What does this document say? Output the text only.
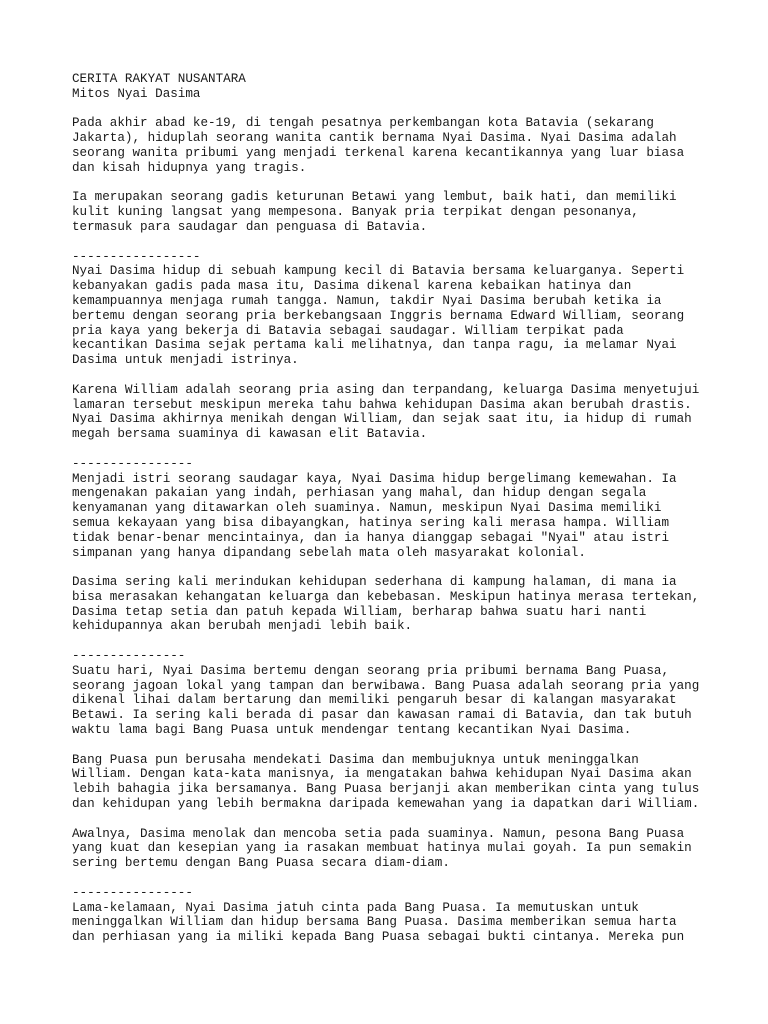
CERITA RAKYAT NUSANTARA
Mitos Nyai Dasima
Pada akhir abad ke-19, di tengah pesatnya perkembangan kota Batavia (sekarang
Jakarta), hiduplah seorang wanita cantik bernama Nyai Dasima. Nyai Dasima adalah
seorang wanita pribumi yang menjadi terkenal karena kecantikannya yang luar biasa
dan kisah hidupnya yang tragis.
Ia merupakan seorang gadis keturunan Betawi yang lembut, baik hati, dan memiliki
kulit kuning langsat yang mempesona. Banyak pria terpikat dengan pesonanya,
termasuk para saudagar dan penguasa di Batavia.
-----------------
Nyai Dasima hidup di sebuah kampung kecil di Batavia bersama keluarganya. Seperti
kebanyakan gadis pada masa itu, Dasima dikenal karena kebaikan hatinya dan
kemampuannya menjaga rumah tangga. Namun, takdir Nyai Dasima berubah ketika ia
bertemu dengan seorang pria berkebangsaan Inggris bernama Edward William, seorang
pria kaya yang bekerja di Batavia sebagai saudagar. William terpikat pada
kecantikan Dasima sejak pertama kali melihatnya, dan tanpa ragu, ia melamar Nyai
Dasima untuk menjadi istrinya.
Karena William adalah seorang pria asing dan terpandang, keluarga Dasima menyetujui
lamaran tersebut meskipun mereka tahu bahwa kehidupan Dasima akan berubah drastis.
Nyai Dasima akhirnya menikah dengan William, dan sejak saat itu, ia hidup di rumah
megah bersama suaminya di kawasan elit Batavia.
----------------
Menjadi istri seorang saudagar kaya, Nyai Dasima hidup bergelimang kemewahan. Ia
mengenakan pakaian yang indah, perhiasan yang mahal, dan hidup dengan segala
kenyamanan yang ditawarkan oleh suaminya. Namun, meskipun Nyai Dasima memiliki
semua kekayaan yang bisa dibayangkan, hatinya sering kali merasa hampa. William
tidak benar-benar mencintainya, dan ia hanya dianggap sebagai "Nyai" atau istri
simpanan yang hanya dipandang sebelah mata oleh masyarakat kolonial.
Dasima sering kali merindukan kehidupan sederhana di kampung halaman, di mana ia
bisa merasakan kehangatan keluarga dan kebebasan. Meskipun hatinya merasa tertekan,
Dasima tetap setia dan patuh kepada William, berharap bahwa suatu hari nanti
kehidupannya akan berubah menjadi lebih baik.
---------------
Suatu hari, Nyai Dasima bertemu dengan seorang pria pribumi bernama Bang Puasa,
seorang jagoan lokal yang tampan dan berwibawa. Bang Puasa adalah seorang pria yang
dikenal lihai dalam bertarung dan memiliki pengaruh besar di kalangan masyarakat
Betawi. Ia sering kali berada di pasar dan kawasan ramai di Batavia, dan tak butuh
waktu lama bagi Bang Puasa untuk mendengar tentang kecantikan Nyai Dasima.
Bang Puasa pun berusaha mendekati Dasima dan membujuknya untuk meninggalkan
William. Dengan kata-kata manisnya, ia mengatakan bahwa kehidupan Nyai Dasima akan
lebih bahagia jika bersamanya. Bang Puasa berjanji akan memberikan cinta yang tulus
dan kehidupan yang lebih bermakna daripada kemewahan yang ia dapatkan dari William.
Awalnya, Dasima menolak dan mencoba setia pada suaminya. Namun, pesona Bang Puasa
yang kuat dan kesepian yang ia rasakan membuat hatinya mulai goyah. Ia pun semakin
sering bertemu dengan Bang Puasa secara diam-diam.
----------------
Lama-kelamaan, Nyai Dasima jatuh cinta pada Bang Puasa. Ia memutuskan untuk
meninggalkan William dan hidup bersama Bang Puasa. Dasima memberikan semua harta
dan perhiasan yang ia miliki kepada Bang Puasa sebagai bukti cintanya. Mereka pun
